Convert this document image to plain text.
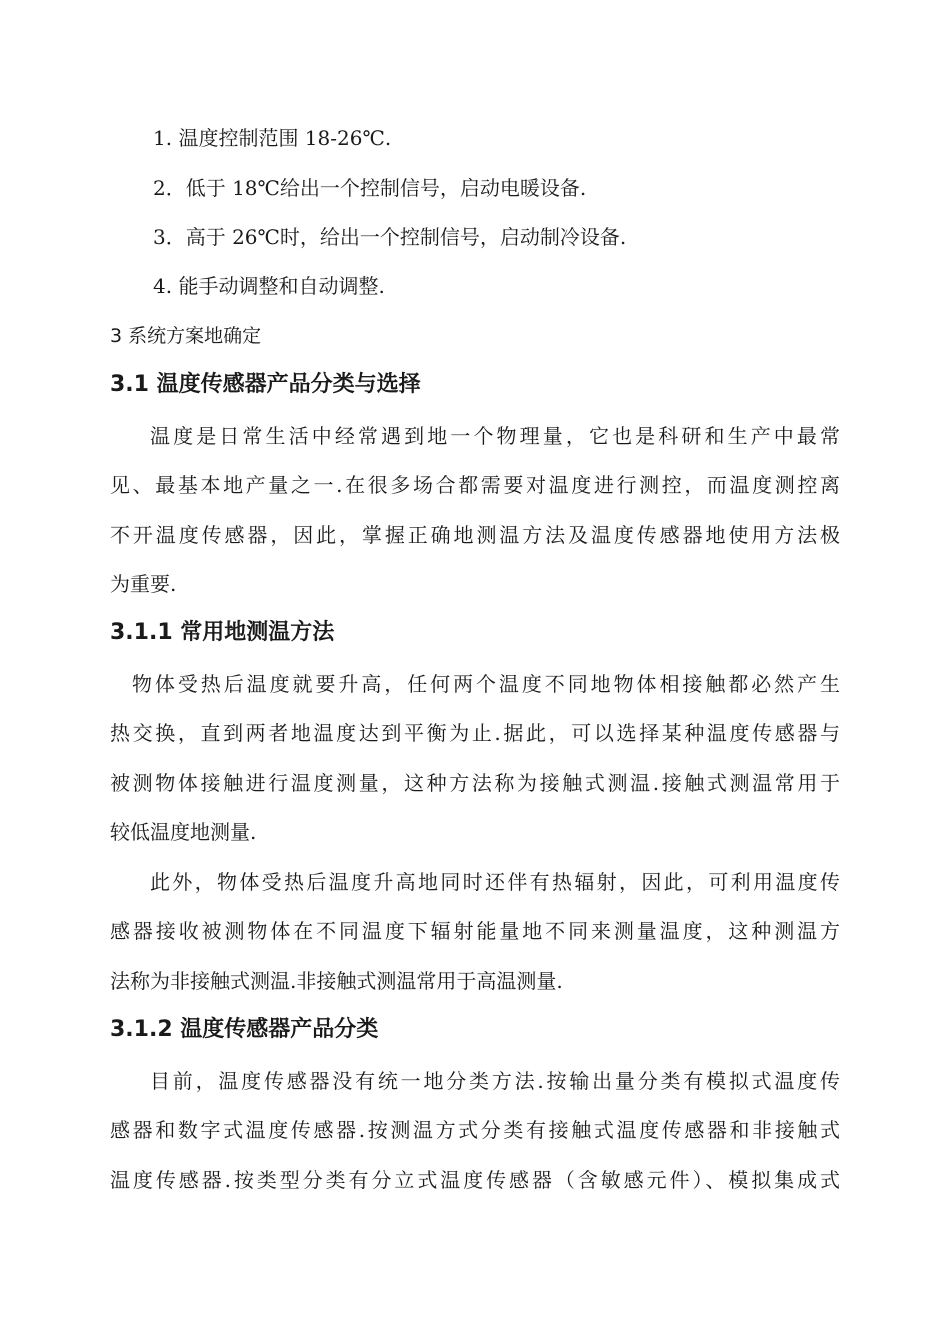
1. 温度控制范围 18-26℃.
2．低于 18℃给出一个控制信号，启动电暖设备.
3．高于 26℃时，给出一个控制信号，启动制冷设备.
4. 能手动调整和自动调整.
3 系统方案地确定
3.1 温度传感器产品分类与选择
温度是日常生活中经常遇到地一个物理量，它也是科研和生产中最常
见、最基本地产量之一.在很多场合都需要对温度进行测控，而温度测控离
不开温度传感器，因此，掌握正确地测温方法及温度传感器地使用方法极
为重要.
3.1.1 常用地测温方法
物体受热后温度就要升高，任何两个温度不同地物体相接触都必然产生
热交换，直到两者地温度达到平衡为止.据此，可以选择某种温度传感器与
被测物体接触进行温度测量，这种方法称为接触式测温.接触式测温常用于
较低温度地测量.
此外，物体受热后温度升高地同时还伴有热辐射，因此，可利用温度传
感器接收被测物体在不同温度下辐射能量地不同来测量温度，这种测温方
法称为非接触式测温.非接触式测温常用于高温测量.
3.1.2 温度传感器产品分类
目前，温度传感器没有统一地分类方法.按输出量分类有模拟式温度传
感器和数字式温度传感器.按测温方式分类有接触式温度传感器和非接触式
温度传感器.按类型分类有分立式温度传感器（含敏感元件）、模拟集成式
